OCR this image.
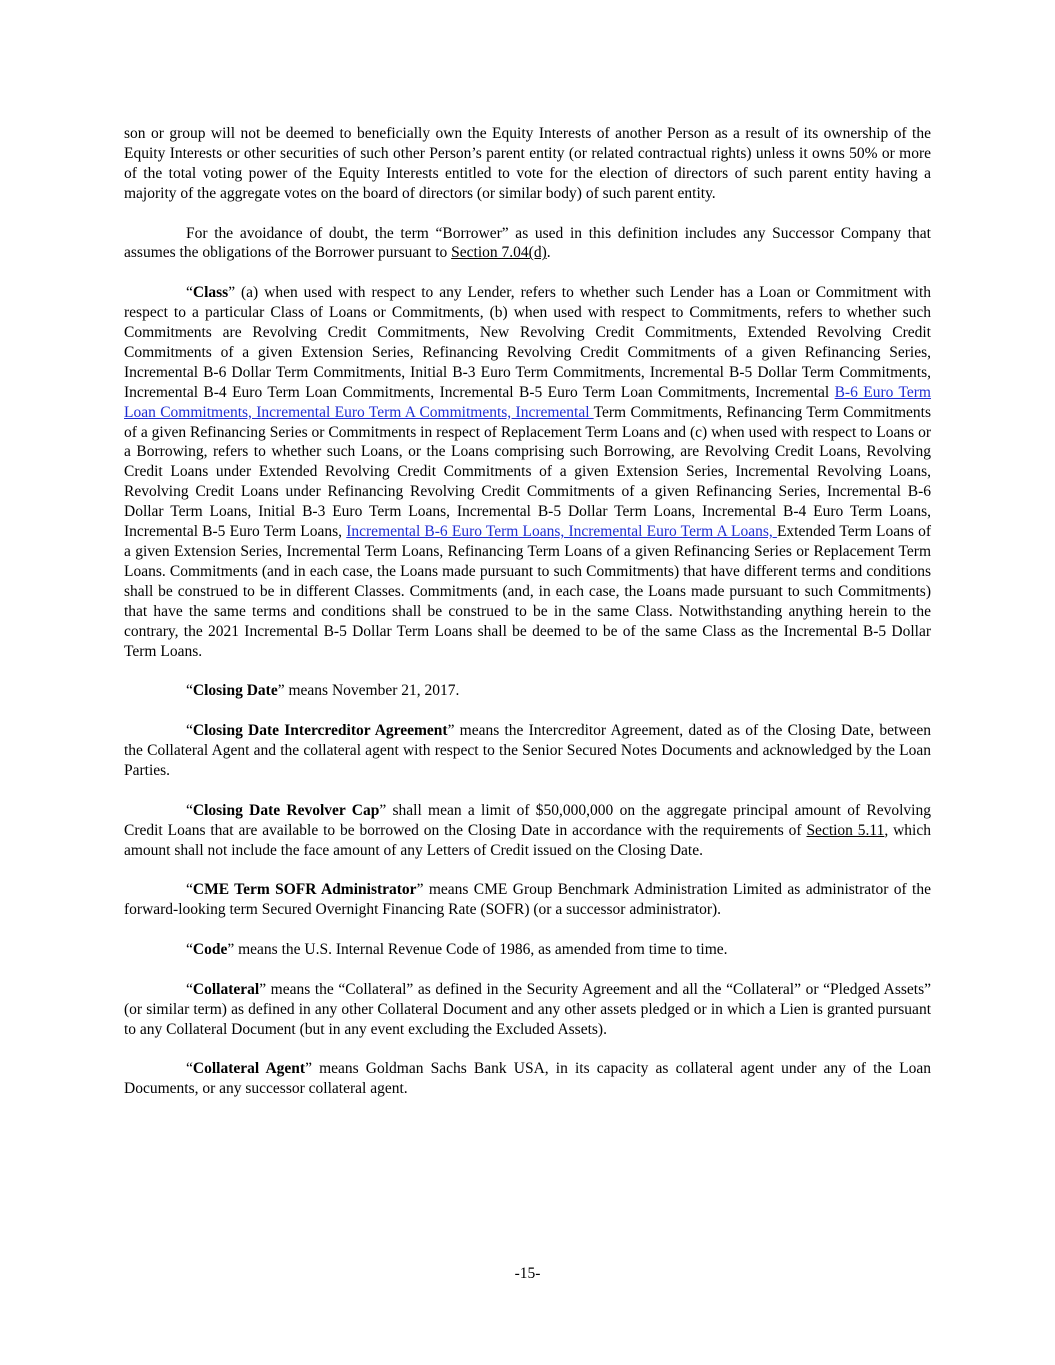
son or group will not be deemed to beneficially own the Equity Interests of another Person as a result of its ownership of the Equity Interests or other securities of such other Person’s parent entity (or related contractual rights) unless it owns 50% or more of the total voting power of the Equity Interests entitled to vote for the election of directors of such parent entity having a majority of the aggregate votes on the board of directors (or similar body) of such parent entity.

For the avoidance of doubt, the term “Borrower” as used in this definition includes any Successor Company that assumes the obligations of the Borrower pursuant to Section 7.04(d).

“Class” (a) when used with respect to any Lender, refers to whether such Lender has a Loan or Commitment with respect to a particular Class of Loans or Commitments, (b) when used with respect to Commitments, refers to whether such Commitments are Revolving Credit Commitments, New Revolving Credit Commitments, Extended Revolving Credit Commitments of a given Extension Series, Refinancing Revolving Credit Commitments of a given Refinancing Series, Incremental B-6 Dollar Term Commitments, Initial B-3 Euro Term Commitments, Incremental B-5 Dollar Term Commitments, Incremental B-4 Euro Term Loan Commitments, Incremental B-5 Euro Term Loan Commitments, Incremental B-6 Euro Term Loan Commitments, Incremental Euro Term A Commitments, Incremental Term Commitments, Refinancing Term Commitments of a given Refinancing Series or Commitments in respect of Replacement Term Loans and (c) when used with respect to Loans or a Borrowing, refers to whether such Loans, or the Loans comprising such Borrowing, are Revolving Credit Loans, Revolving Credit Loans under Extended Revolving Credit Commitments of a given Extension Series, Incremental Revolving Loans, Revolving Credit Loans under Refinancing Revolving Credit Commitments of a given Refinancing Series, Incremental B-6 Dollar Term Loans, Initial B-3 Euro Term Loans, Incremental B-5 Dollar Term Loans, Incremental B-4 Euro Term Loans, Incremental B-5 Euro Term Loans, Incremental B-6 Euro Term Loans, Incremental Euro Term A Loans, Extended Term Loans of a given Extension Series, Incremental Term Loans, Refinancing Term Loans of a given Refinancing Series or Replacement Term Loans. Commitments (and in each case, the Loans made pursuant to such Commitments) that have different terms and conditions shall be construed to be in different Classes. Commitments (and, in each case, the Loans made pursuant to such Commitments) that have the same terms and conditions shall be construed to be in the same Class. Notwithstanding anything herein to the contrary, the 2021 Incremental B-5 Dollar Term Loans shall be deemed to be of the same Class as the Incremental B-5 Dollar Term Loans.

“Closing Date” means November 21, 2017.

“Closing Date Intercreditor Agreement” means the Intercreditor Agreement, dated as of the Closing Date, between the Collateral Agent and the collateral agent with respect to the Senior Secured Notes Documents and acknowledged by the Loan Parties.

“Closing Date Revolver Cap” shall mean a limit of $50,000,000 on the aggregate principal amount of Revolving Credit Loans that are available to be borrowed on the Closing Date in accordance with the requirements of Section 5.11, which amount shall not include the face amount of any Letters of Credit issued on the Closing Date.

“CME Term SOFR Administrator” means CME Group Benchmark Administration Limited as administrator of the forward-looking term Secured Overnight Financing Rate (SOFR) (or a successor administrator).

“Code” means the U.S. Internal Revenue Code of 1986, as amended from time to time.

“Collateral” means the “Collateral” as defined in the Security Agreement and all the “Collateral” or “Pledged Assets” (or similar term) as defined in any other Collateral Document and any other assets pledged or in which a Lien is granted pursuant to any Collateral Document (but in any event excluding the Excluded Assets).

“Collateral Agent” means Goldman Sachs Bank USA, in its capacity as collateral agent under any of the Loan Documents, or any successor collateral agent.

-15-
